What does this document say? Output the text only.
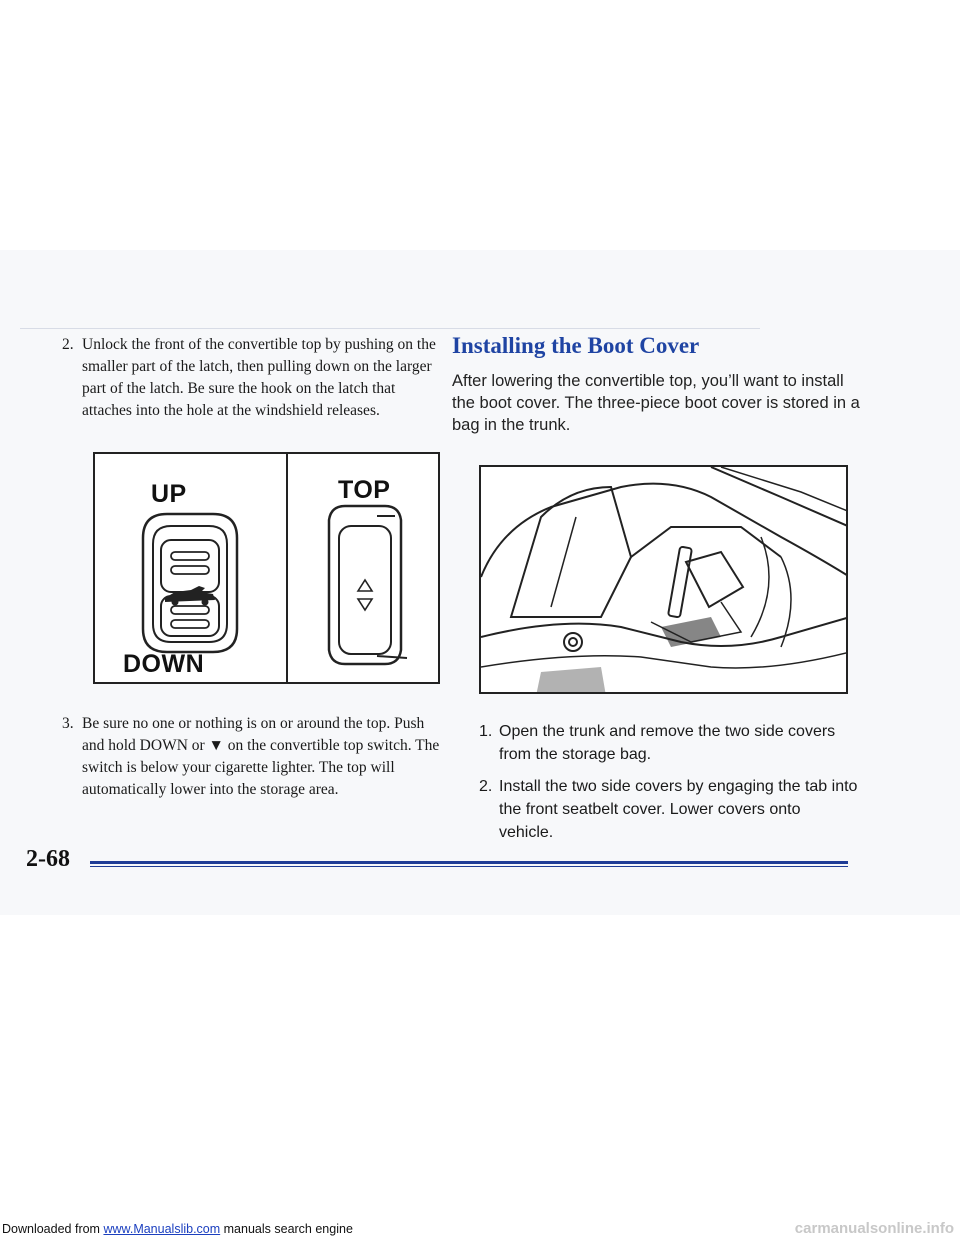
2. Unlock the front of the convertible top by pushing on the smaller part of the latch, then pulling down on the larger part of the latch. Be sure the hook on the latch that attaches into the hole at the windshield releases.

UP
DOWN
TOP

3. Be sure no one or nothing is on or around the top. Push and hold DOWN or ▼ on the convertible top switch. The switch is below your cigarette lighter. The top will automatically lower into the storage area.

Installing the Boot Cover

After lowering the convertible top, you’ll want to install the boot cover. The three-piece boot cover is stored in a bag in the trunk.

1. Open the trunk and remove the two side covers from the storage bag.

2. Install the two side covers by engaging the tab into the front seatbelt cover. Lower covers onto vehicle.

2-68

Downloaded from www.Manualslib.com manuals search engine	carmanualsonline.info
